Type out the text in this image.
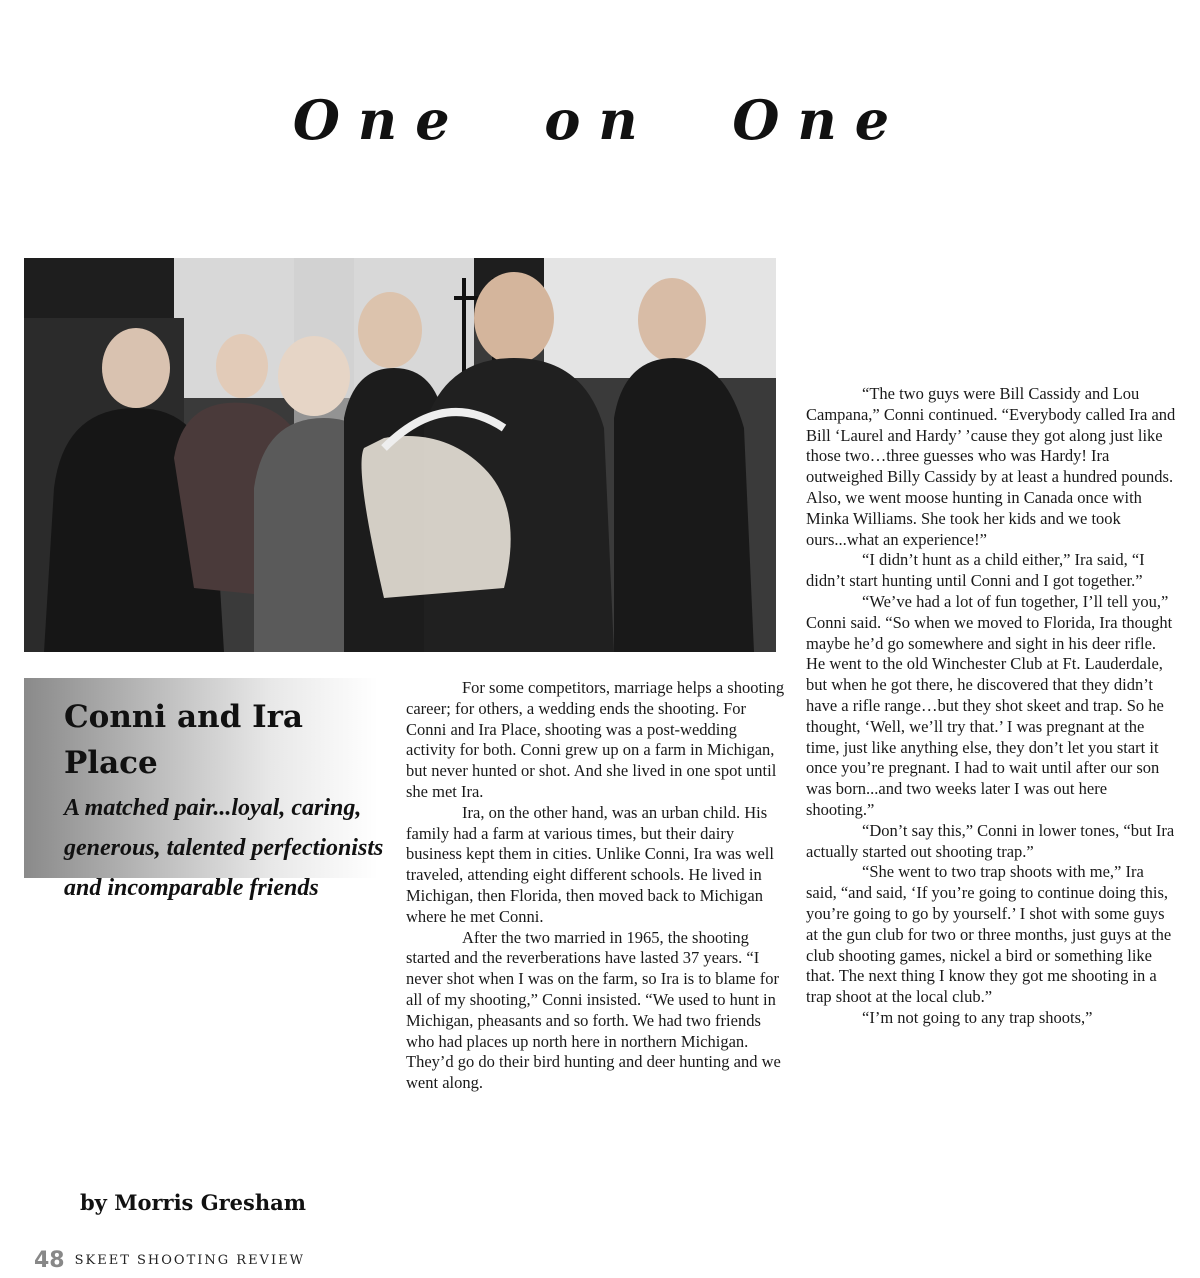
One on One
Conni and Ira Place

A matched pair...loyal, caring, generous, talented perfectionists and incomparable friends

by Morris Gresham

For some competitors, marriage helps a shooting career; for others, a wedding ends the shooting. For Conni and Ira Place, shooting was a post-wedding activity for both. Conni grew up on a farm in Michigan, but never hunted or shot. And she lived in one spot until she met Ira.

Ira, on the other hand, was an urban child. His family had a farm at various times, but their dairy business kept them in cities. Unlike Conni, Ira was well traveled, attending eight different schools. He lived in Michigan, then Florida, then moved back to Michigan where he met Conni.

After the two married in 1965, the shooting started and the reverberations have lasted 37 years. “I never shot when I was on the farm, so Ira is to blame for all of my shooting,” Conni insisted. “We used to hunt in Michigan, pheasants and so forth. We had two friends who had places up north here in northern Michigan. They’d go do their bird hunting and deer hunting and we went along.

“The two guys were Bill Cassidy and Lou Campana,” Conni continued. “Everybody called Ira and Bill ‘Laurel and Hardy’ ’cause they got along just like those two…three guesses who was Hardy! Ira outweighed Billy Cassidy by at least a hundred pounds. Also, we went moose hunting in Canada once with Minka Williams. She took her kids and we took ours...what an experience!”

“I didn’t hunt as a child either,” Ira said, “I didn’t start hunting until Conni and I got together.”

“We’ve had a lot of fun together, I’ll tell you,” Conni said. “So when we moved to Florida, Ira thought maybe he’d go somewhere and sight in his deer rifle. He went to the old Winchester Club at Ft. Lauderdale, but when he got there, he discovered that they didn’t have a rifle range…but they shot skeet and trap. So he thought, ‘Well, we’ll try that.’ I was pregnant at the time, just like anything else, they don’t let you start it once you’re pregnant. I had to wait until after our son was born...and two weeks later I was out here shooting.”

“Don’t say this,” Conni in lower tones, “but Ira actually started out shooting trap.”

“She went to two trap shoots with me,” Ira said, “and said, ‘If you’re going to continue doing this, you’re going to go by yourself.’ I shot with some guys at the gun club for two or three months, just guys at the club shooting games, nickel a bird or something like that. The next thing I know they got me shooting in a trap shoot at the local club.”

“I’m not going to any trap shoots,”

48 SKEET SHOOTING REVIEW
